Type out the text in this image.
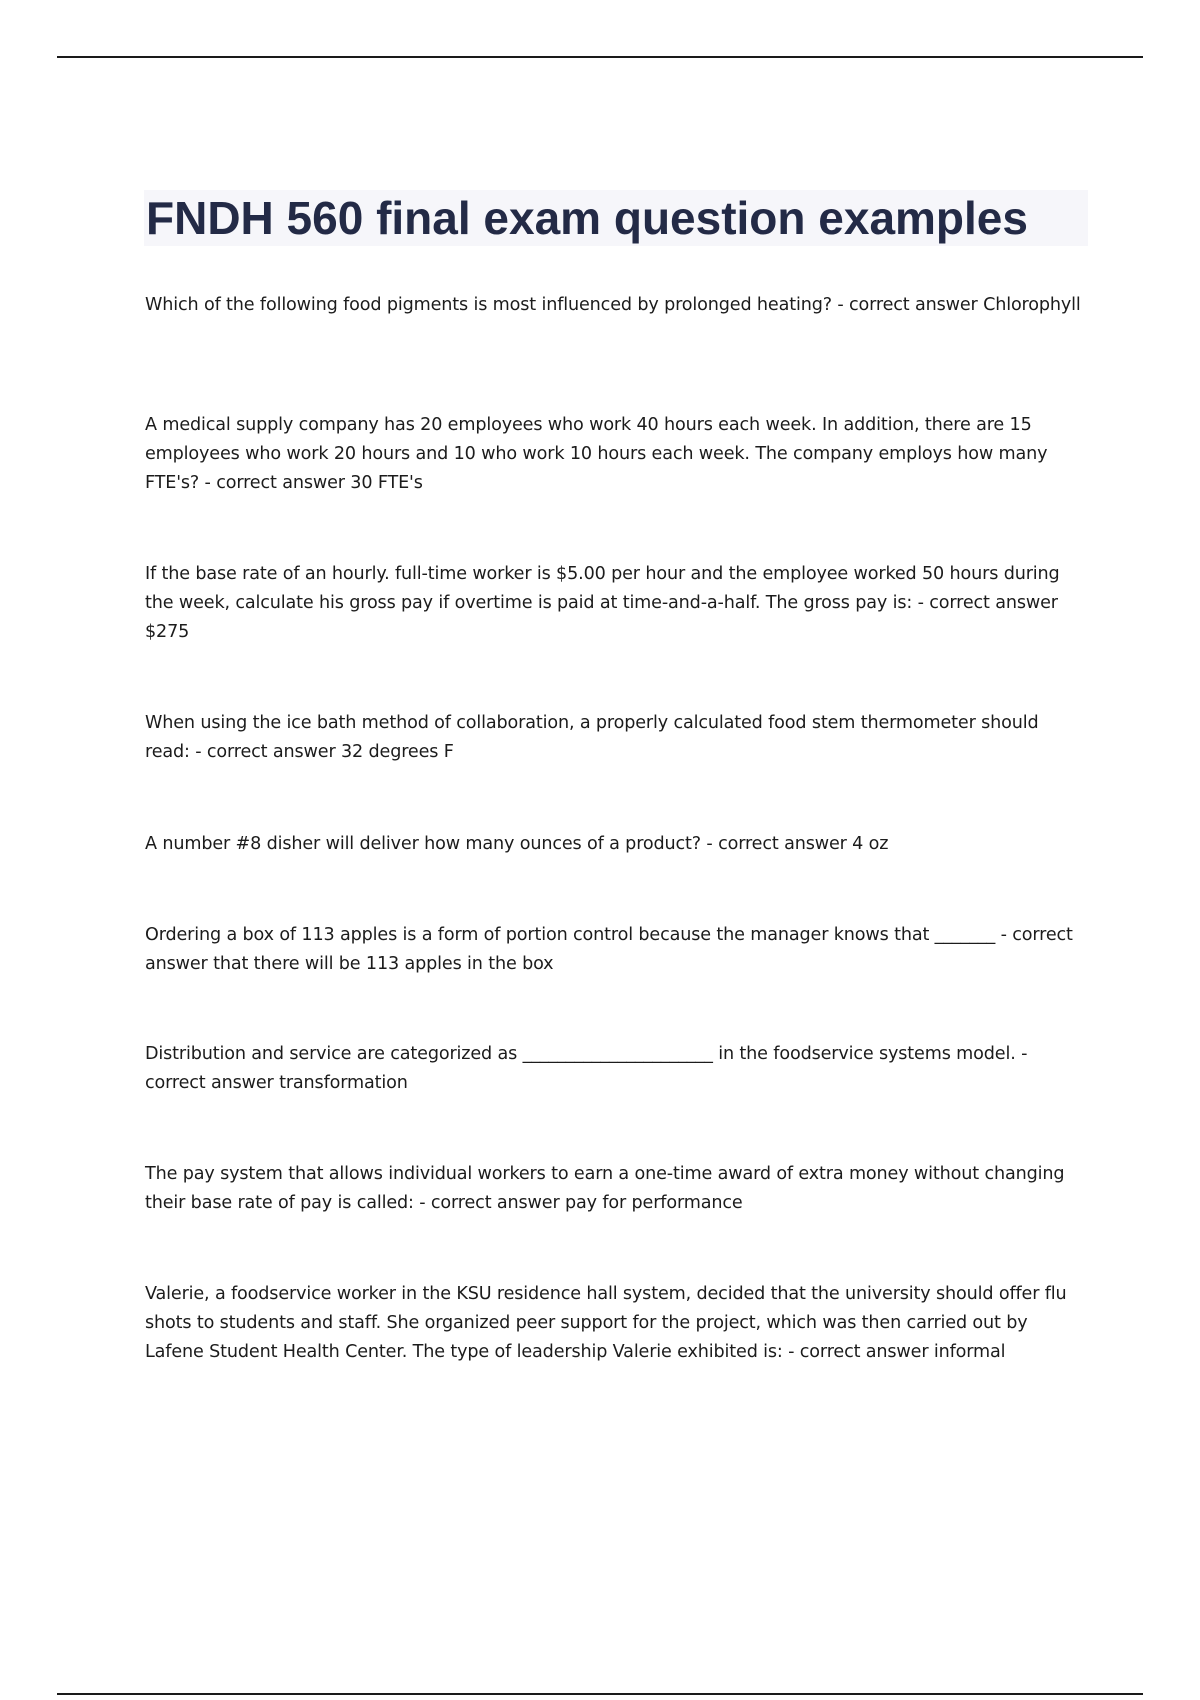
FNDH 560 final exam question examples

Which of the following food pigments is most influenced by prolonged heating? - correct answer Chlorophyll

A medical supply company has 20 employees who work 40 hours each week. In addition, there are 15 employees who work 20 hours and 10 who work 10 hours each week. The company employs how many FTE's? - correct answer 30 FTE's

If the base rate of an hourly. full-time worker is $5.00 per hour and the employee worked 50 hours during the week, calculate his gross pay if overtime is paid at time-and-a-half. The gross pay is: - correct answer $275

When using the ice bath method of collaboration, a properly calculated food stem thermometer should read: - correct answer 32 degrees F

A number #8 disher will deliver how many ounces of a product? - correct answer 4 oz

Ordering a box of 113 apples is a form of portion control because the manager knows that _______ - correct answer that there will be 113 apples in the box

Distribution and service are categorized as ______________________ in the foodservice systems model. - correct answer transformation

The pay system that allows individual workers to earn a one-time award of extra money without changing their base rate of pay is called: - correct answer pay for performance

Valerie, a foodservice worker in the KSU residence hall system, decided that the university should offer flu shots to students and staff. She organized peer support for the project, which was then carried out by Lafene Student Health Center. The type of leadership Valerie exhibited is: - correct answer informal
